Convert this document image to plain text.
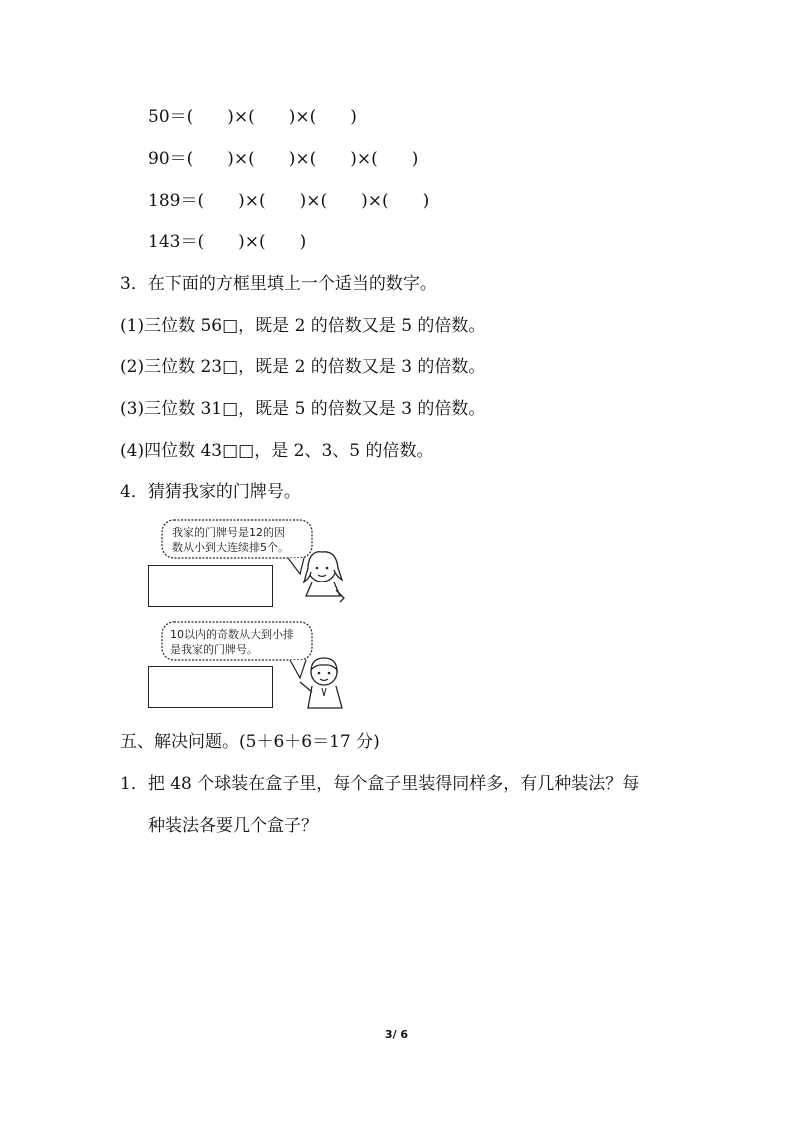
50＝(　　)×(　　)×(　　)
90＝(　　)×(　　)×(　　)×(　　)
189＝(　　)×(　　)×(　　)×(　　)
143＝(　　)×(　　)
3．在下面的方框里填上一个适当的数字。
(1)三位数 56□，既是 2 的倍数又是 5 的倍数。
(2)三位数 23□，既是 2 的倍数又是 3 的倍数。
(3)三位数 31□，既是 5 的倍数又是 3 的倍数。
(4)四位数 43□□，是 2、3、5 的倍数。
4．猜猜我家的门牌号。
我家的门牌号是12的因
数从小到大连续排5个。
10以内的奇数从大到小排
是我家的门牌号。
五、解决问题。(5＋6＋6＝17 分)
1．把 48 个球装在盒子里，每个盒子里装得同样多，有几种装法？每
种装法各要几个盒子？
3/ 6
